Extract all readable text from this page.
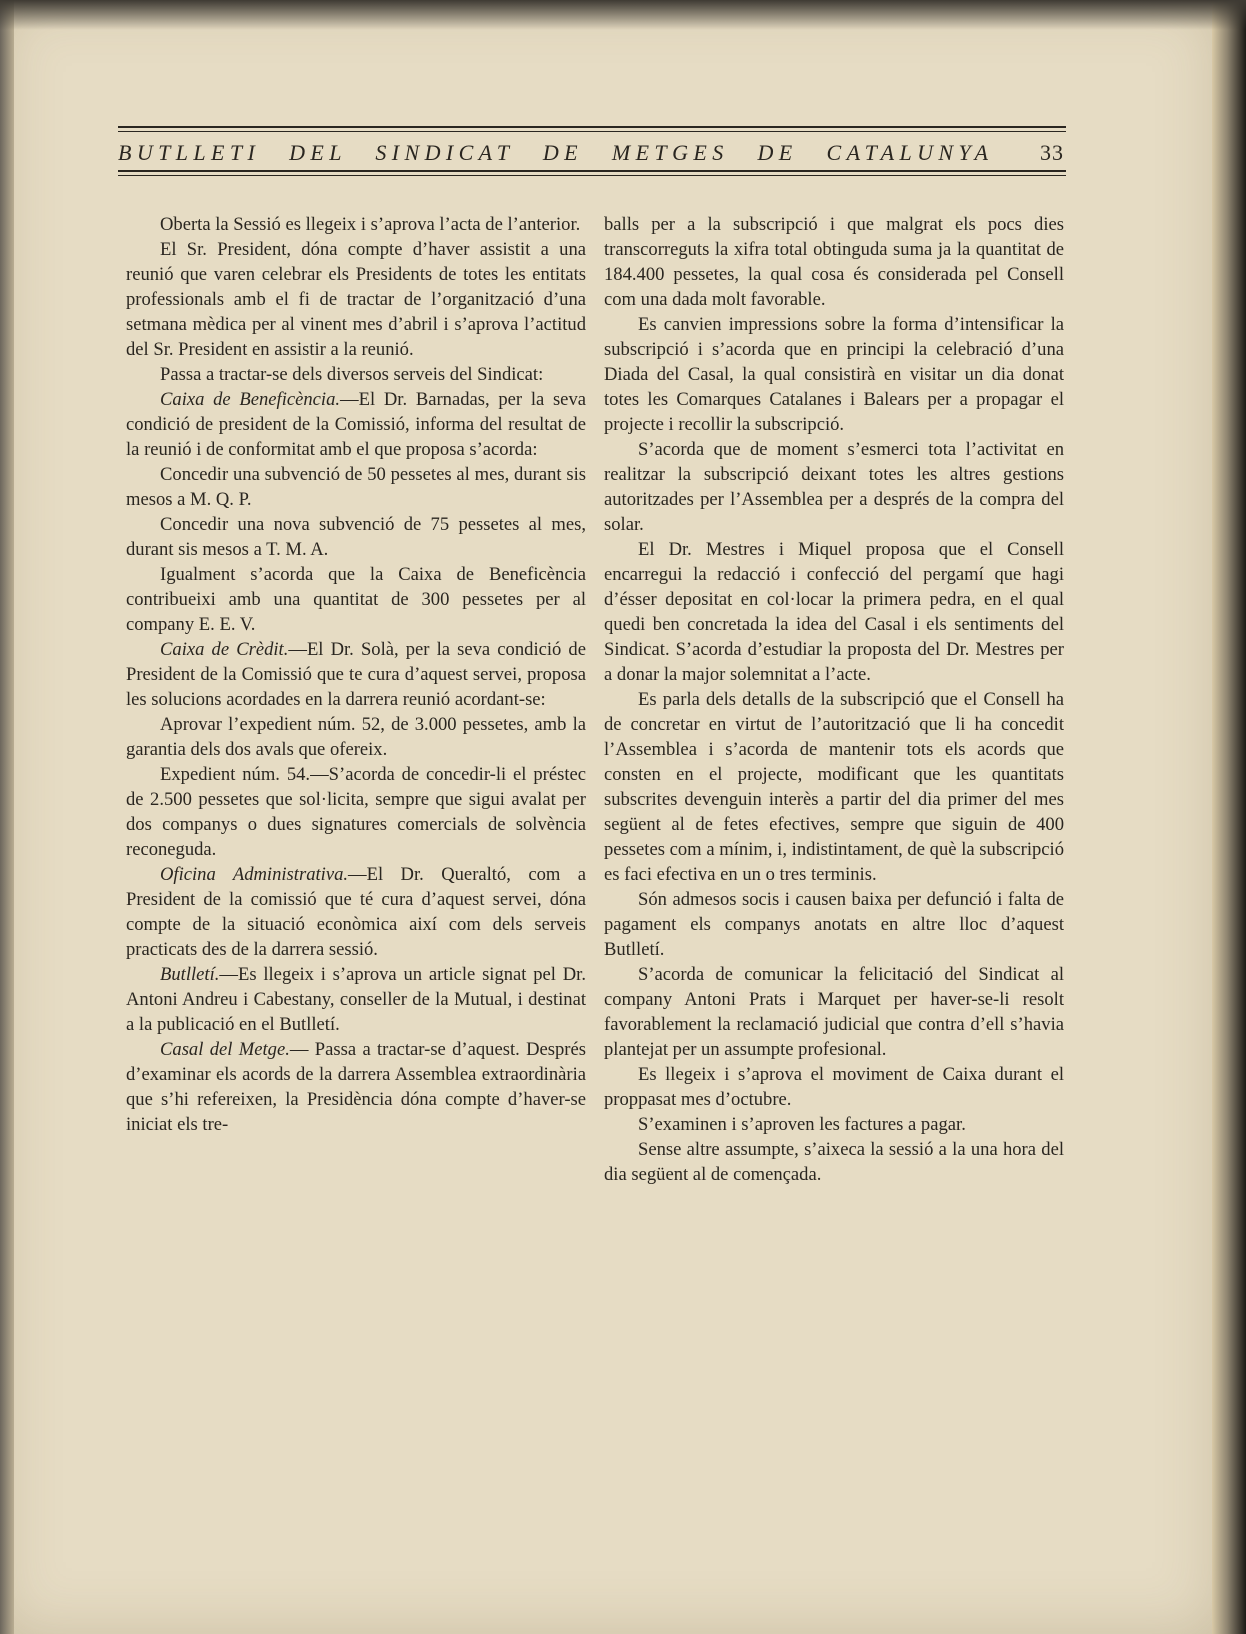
BUTLLETI DEL SINDICAT DE METGES DE CATALUNYA	33

Oberta la Sessió es llegeix i s’aprova l’acta de l’anterior.

El Sr. President, dóna compte d’haver assistit a una reunió que varen celebrar els Presidents de totes les entitats professionals amb el fi de tractar de l’organització d’una setmana mèdica per al vinent mes d’abril i s’aprova l’actitud del Sr. President en assistir a la reunió.

Passa a tractar-se dels diversos serveis del Sindicat:

Caixa de Beneficència.—El Dr. Barnadas, per la seva condició de president de la Comissió, informa del resultat de la reunió i de conformitat amb el que proposa s’acorda:

Concedir una subvenció de 50 pessetes al mes, durant sis mesos a M. Q. P.

Concedir una nova subvenció de 75 pessetes al mes, durant sis mesos a T. M. A.

Igualment s’acorda que la Caixa de Beneficència contribueixi amb una quantitat de 300 pessetes per al company E. E. V.

Caixa de Crèdit.—El Dr. Solà, per la seva condició de President de la Comissió que te cura d’aquest servei, proposa les solucions acordades en la darrera reunió acordant-se:

Aprovar l’expedient núm. 52, de 3.000 pessetes, amb la garantia dels dos avals que ofereix.

Expedient núm. 54.—S’acorda de concedir-li el préstec de 2.500 pessetes que sol·licita, sempre que sigui avalat per dos companys o dues signatures comercials de solvència reconeguda.

Oficina Administrativa.—El Dr. Queraltó, com a President de la comissió que té cura d’aquest servei, dóna compte de la situació econòmica així com dels serveis practicats des de la darrera sessió.

Butlletí.—Es llegeix i s’aprova un article signat pel Dr. Antoni Andreu i Cabestany, conseller de la Mutual, i destinat a la publicació en el Butlletí.

Casal del Metge.— Passa a tractar-se d’aquest. Després d’examinar els acords de la darrera Assemblea extraordinària que s’hi refereixen, la Presidència dóna compte d’haver-se iniciat els tre-

balls per a la subscripció i que malgrat els pocs dies transcorreguts la xifra total obtinguda suma ja la quantitat de 184.400 pessetes, la qual cosa és considerada pel Consell com una dada molt favorable.

Es canvien impressions sobre la forma d’intensificar la subscripció i s’acorda que en principi la celebració d’una Diada del Casal, la qual consistirà en visitar un dia donat totes les Comarques Catalanes i Balears per a propagar el projecte i recollir la subscripció.

S’acorda que de moment s’esmerci tota l’activitat en realitzar la subscripció deixant totes les altres gestions autoritzades per l’Assemblea per a després de la compra del solar.

El Dr. Mestres i Miquel proposa que el Consell encarregui la redacció i confecció del pergamí que hagi d’ésser depositat en col·locar la primera pedra, en el qual quedi ben concretada la idea del Casal i els sentiments del Sindicat. S’acorda d’estudiar la proposta del Dr. Mestres per a donar la major solemnitat a l’acte.

Es parla dels detalls de la subscripció que el Consell ha de concretar en virtut de l’autorització que li ha concedit l’Assemblea i s’acorda de mantenir tots els acords que consten en el projecte, modificant que les quantitats subscrites devenguin interès a partir del dia primer del mes següent al de fetes efectives, sempre que siguin de 400 pessetes com a mínim, i, indistintament, de què la subscripció es faci efectiva en un o tres terminis.

Són admesos socis i causen baixa per defunció i falta de pagament els companys anotats en altre lloc d’aquest Butlletí.

S’acorda de comunicar la felicitació del Sindicat al company Antoni Prats i Marquet per haver-se-li resolt favorablement la reclamació judicial que contra d’ell s’havia plantejat per un assumpte profesional.

Es llegeix i s’aprova el moviment de Caixa durant el proppasat mes d’octubre.

S’examinen i s’aproven les factures a pagar.

Sense altre assumpte, s’aixeca la sessió a la una hora del dia següent al de començada.
